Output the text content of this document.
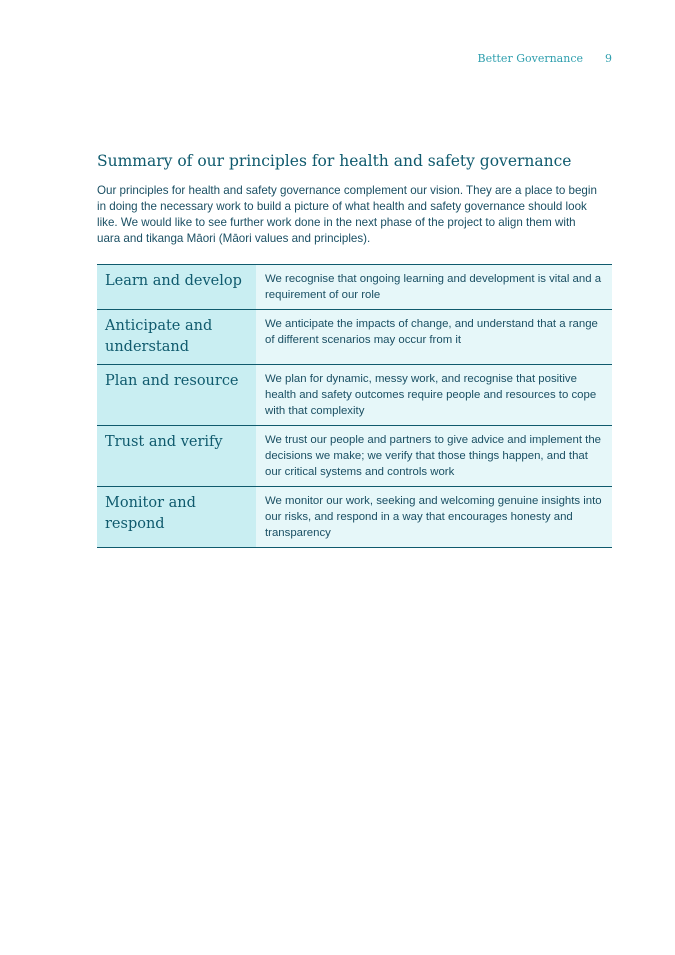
Better Governance 9
Summary of our principles for health and safety governance

Our principles for health and safety governance complement our vision. They are a place to begin in doing the necessary work to build a picture of what health and safety governance should look like. We would like to see further work done in the next phase of the project to align them with uara and tikanga Māori (Māori values and principles).

Learn and develop	We recognise that ongoing learning and development is vital and a requirement of our role
Anticipate and understand	We anticipate the impacts of change, and understand that a range of different scenarios may occur from it
Plan and resource	We plan for dynamic, messy work, and recognise that positive health and safety outcomes require people and resources to cope with that complexity
Trust and verify	We trust our people and partners to give advice and implement the decisions we make; we verify that those things happen, and that our critical systems and controls work
Monitor and respond	We monitor our work, seeking and welcoming genuine insights into our risks, and respond in a way that encourages honesty and transparency
